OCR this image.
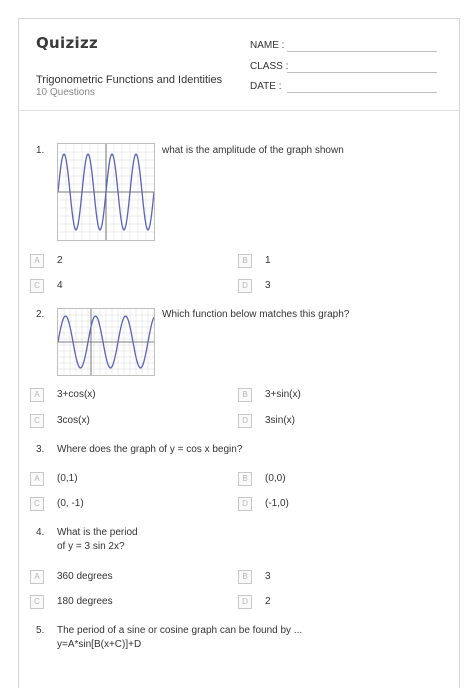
Quizizz
Trigonometric Functions and Identities
10 Questions
NAME :
CLASS :
DATE :
1.	what is the amplitude of the graph shown
A	2	B	1
C	4	D	3
2.	Which function below matches this graph?
A	3+cos(x)	B	3+sin(x)
C	3cos(x)	D	3sin(x)
3. Where does the graph of y = cos x begin?
A	(0,1)	B	(0,0)
C	(0, -1)	D	(-1,0)
4. What is the period
of y = 3 sin 2x?
A	360 degrees	B	3
C	180 degrees	D	2
5. The period of a sine or cosine graph can be found by ...
y=A*sin[B(x+C)]+D
